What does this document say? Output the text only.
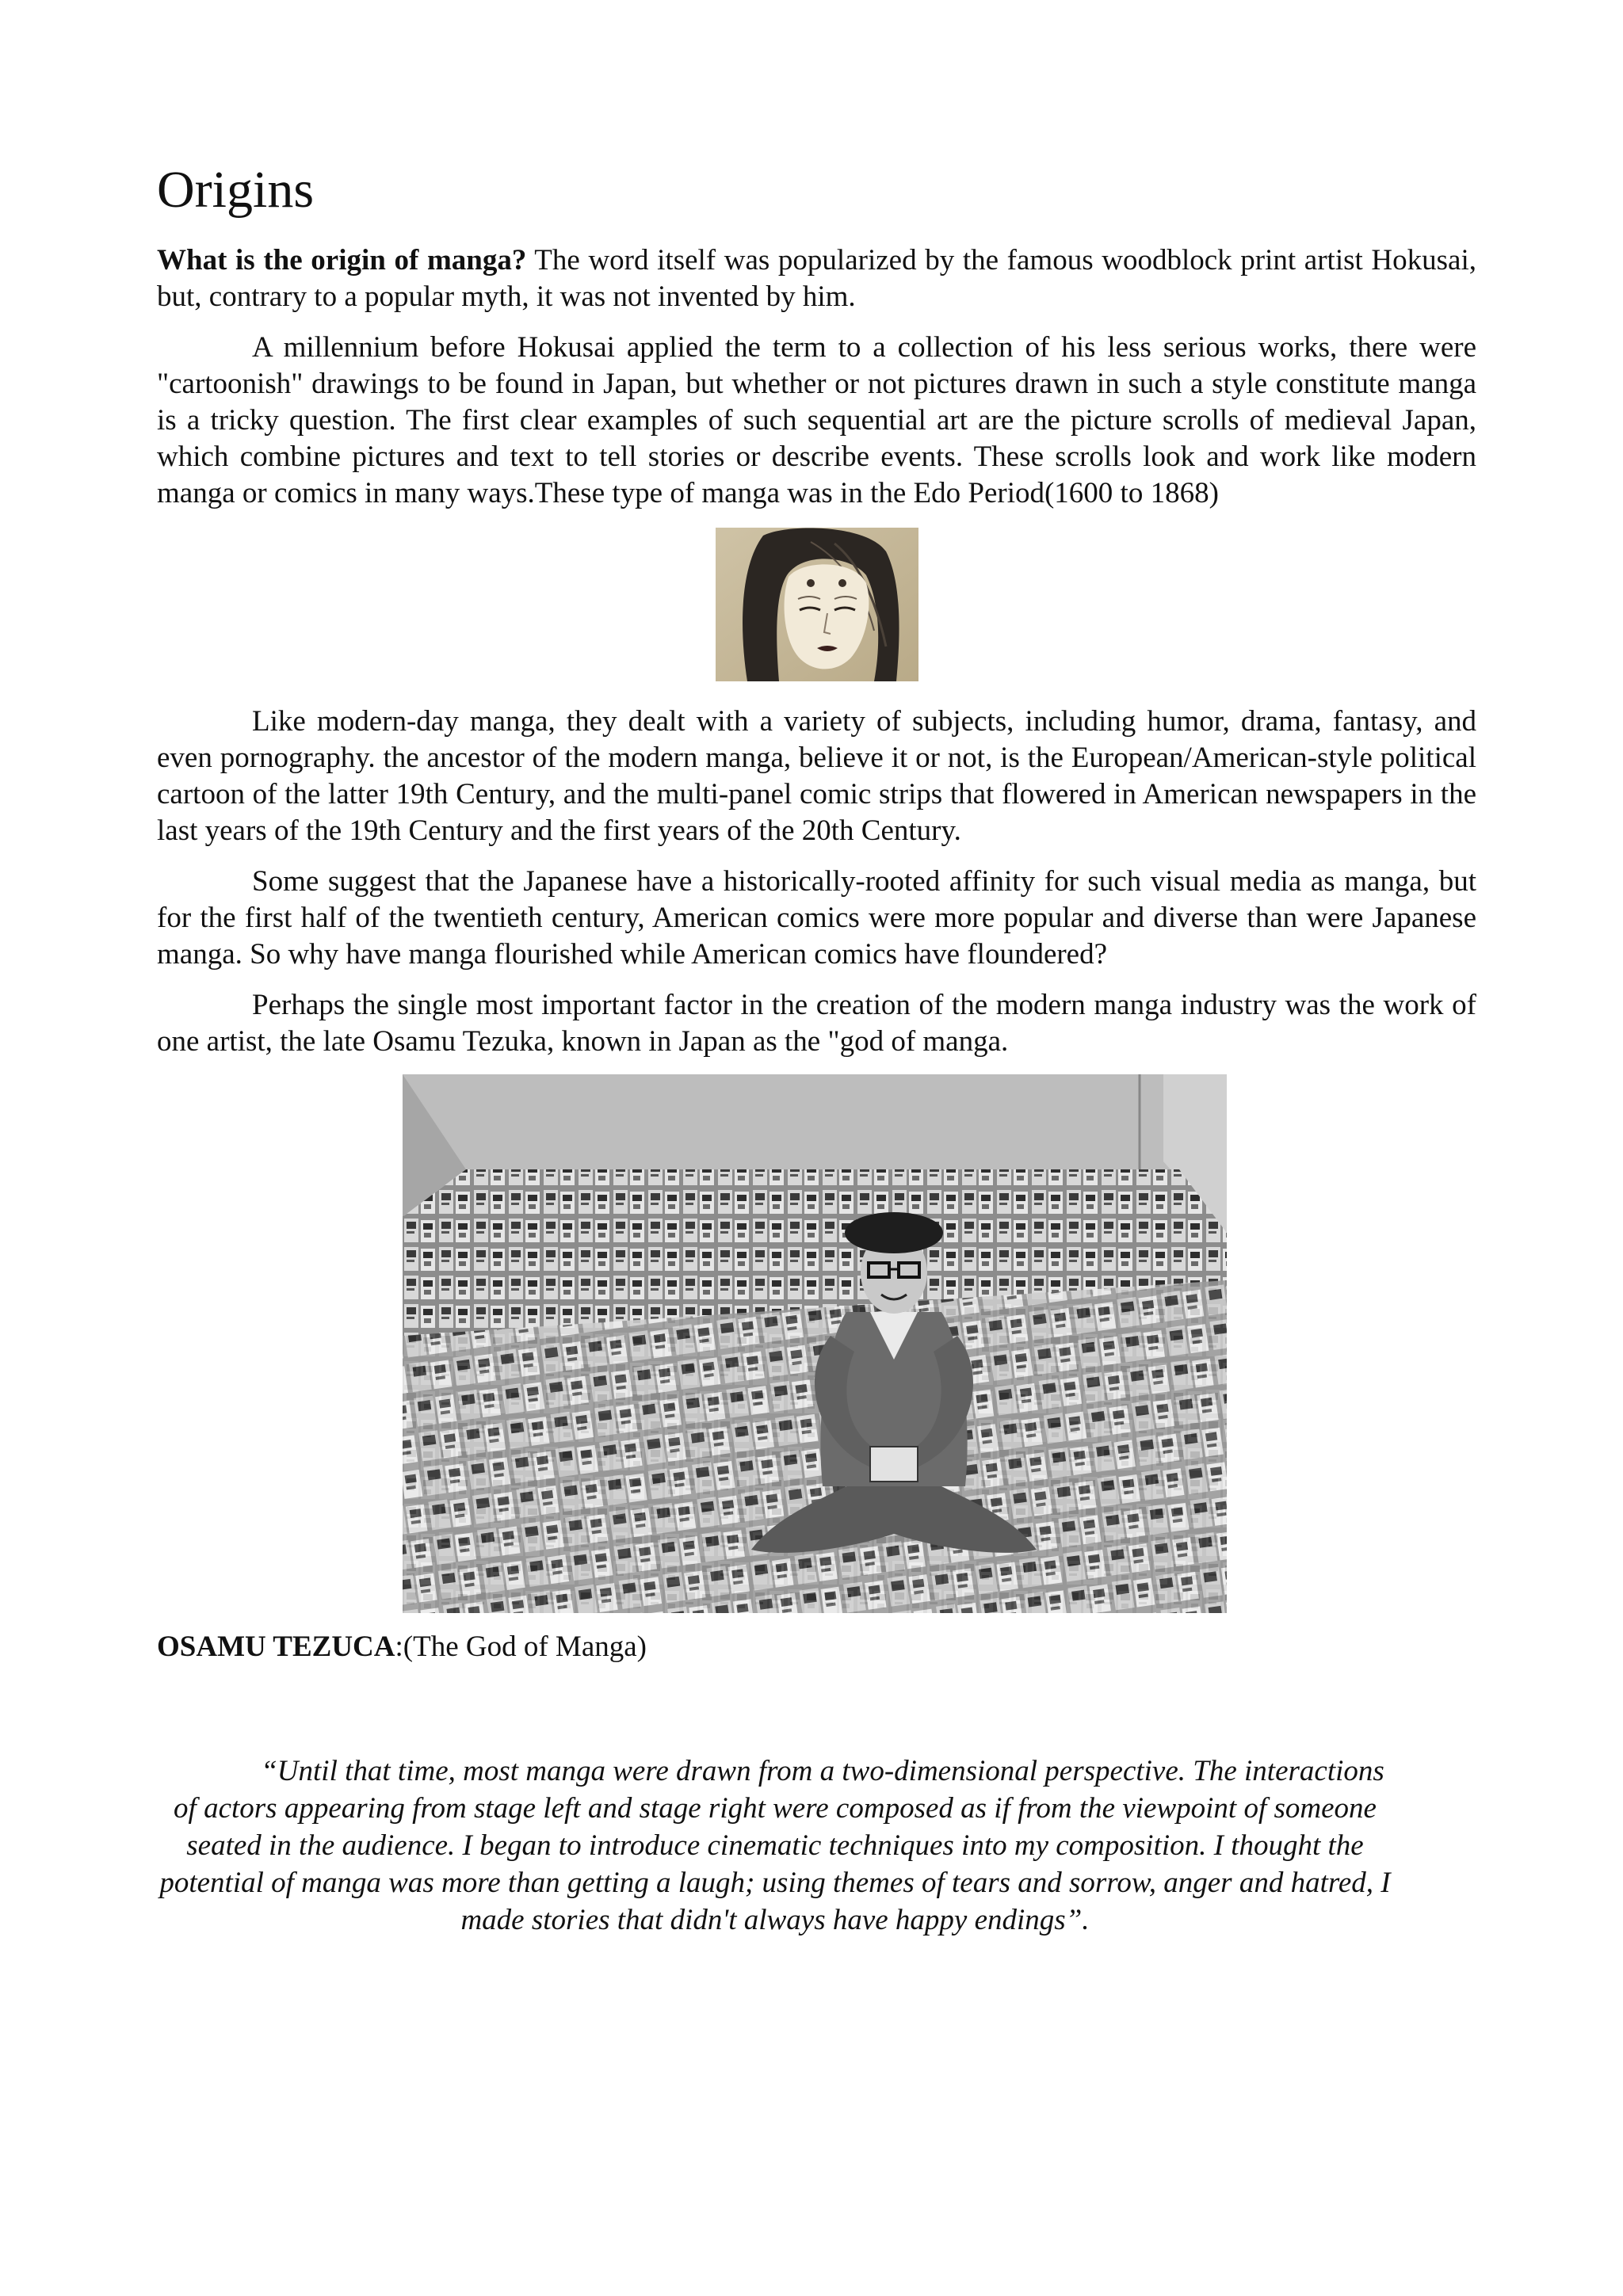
Origins

What is the origin of manga? The word itself was popularized by the famous woodblock print artist Hokusai, but, contrary to a popular myth, it was not invented by him.

A millennium before Hokusai applied the term to a collection of his less serious works, there were "cartoonish" drawings to be found in Japan, but whether or not pictures drawn in such a style constitute manga is a tricky question. The first clear examples of such sequential art are the picture scrolls of medieval Japan, which combine pictures and text to tell stories or describe events. These scrolls look and work like modern manga or comics in many ways.These type of manga was in the Edo Period(1600 to 1868)

Like modern-day manga, they dealt with a variety of subjects, including humor, drama, fantasy, and even pornography. the ancestor of the modern manga, believe it or not, is the European/American-style political cartoon of the latter 19th Century, and the multi-panel comic strips that flowered in American newspapers in the last years of the 19th Century and the first years of the 20th Century.

Some suggest that the Japanese have a historically-rooted affinity for such visual media as manga, but for the first half of the twentieth century, American comics were more popular and diverse than were Japanese manga. So why have manga flourished while American comics have floundered?

Perhaps the single most important factor in the creation of the modern manga industry was the work of one artist, the late Osamu Tezuka, known in Japan as the "god of manga.

OSAMU TEZUCA:(The God of Manga)

“Until that time, most manga were drawn from a two-dimensional perspective. The interactions of actors appearing from stage left and stage right were composed as if from the viewpoint of someone seated in the audience. I began to introduce cinematic techniques into my composition. I thought the potential of manga was more than getting a laugh; using themes of tears and sorrow, anger and hatred, I made stories that didn't always have happy endings”.
